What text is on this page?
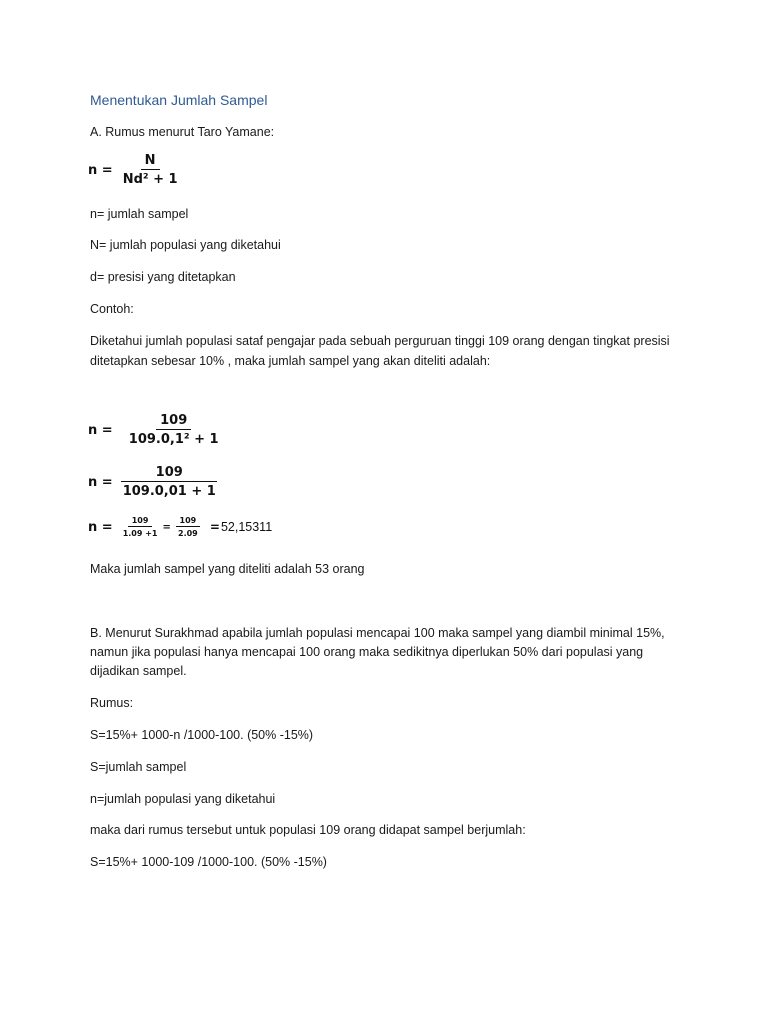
Menentukan Jumlah Sampel
A. Rumus menurut Taro Yamane:
$n = \frac{N}{\text{Nd² + 1}}$
n= jumlah sampel
N= jumlah populasi yang diketahui
d= presisi yang ditetapkan
Contoh:
Diketahui jumlah populasi sataf pengajar pada sebuah perguruan tinggi 109 orang dengan tingkat presisi
ditetapkan sebesar 10% , maka jumlah sampel yang akan diteliti adalah:
$n = \frac{109}{\text{109.0,1² + 1}}$
$n = \frac{109}{109.0,01 + 1}$
$n = \frac{109}{1.09 +1} = \frac{109}{2.09} = 52,15311$
Maka jumlah sampel yang diteliti adalah 53 orang
B. Menurut Surakhmad apabila jumlah populasi mencapai 100 maka sampel yang diambil minimal 15%,
namun jika populasi hanya mencapai 100 orang maka sedikitnya diperlukan 50% dari populasi yang
dijadikan sampel.
Rumus:
S=15%+ 1000-n /1000-100. (50% -15%)
S=jumlah sampel
n=jumlah populasi yang diketahui
maka dari rumus tersebut untuk populasi 109 orang didapat sampel berjumlah:
S=15%+ 1000-109 /1000-100. (50% -15%)
